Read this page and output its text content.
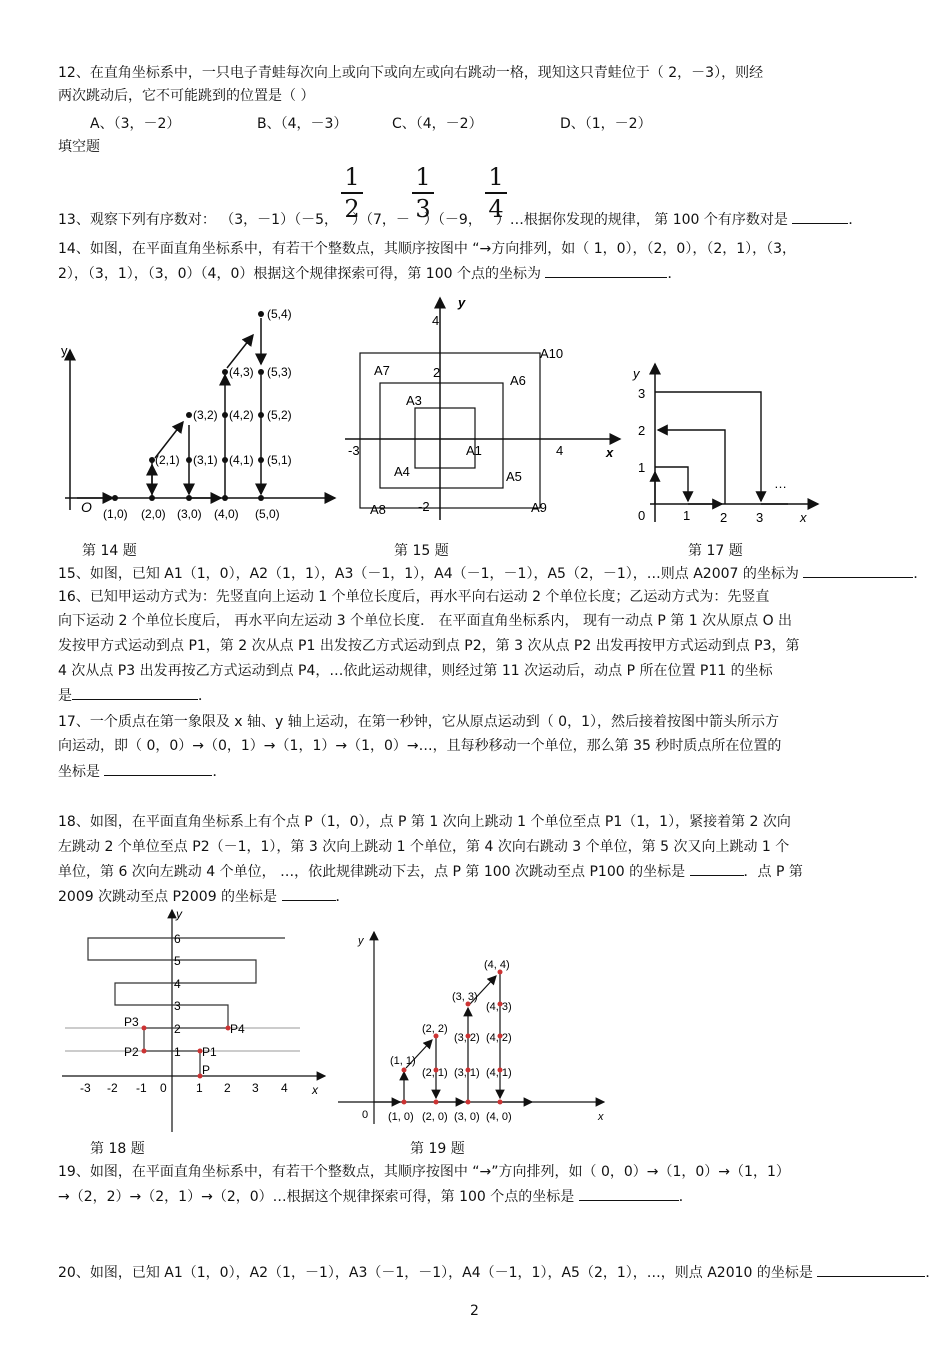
12、在直角坐标系中，一只电子青蛙每次向上或向下或向左或向右跳动一格，现知这只青蛙位于（ 2，－3），则经
两次跳动后，它不可能跳到的位置是（ ）
A、（3，－2）	B、（4，－3）	C、（4，－2）	D、（1，－2）
填空题
1
2
1
3
1
4
13、观察下列有序数对： （3，－1）（－5， ）（7，－ ）（－9， ）…根据你发现的规律， 第 100 个有序数对是	．
14、如图，在平面直角坐标系中，有若干个整数点，其顺序按图中 “→方向排列，如（ 1，0），（2，0），（2，1），（3，
2），（3，1），（3，0）（4，0）根据这个规律探索可得，第 100 个点的坐标为	．
y
O (1,0) (2,0) (3,0) (4,0) (5,0)
(2,1) (3,1) (4,1) (5,1)
(3,2) (4,2) (5,2)
(4,3) (5,3)
(5,4)
y
x
4
2
-3	4
-2
A1
A3
A4	A5
A6
A7
A8	A9
A10
y
x
0	1 2 3
1
2
3
…
第 14 题	第 15 题	第 17 题
15、如图，已知 A1（1，0），A2（1，1），A3（－1，1），A4（－1，－1），A5（2，－1），…则点 A2007 的坐标为	．
16、已知甲运动方式为：先竖直向上运动 1 个单位长度后，再水平向右运动 2 个单位长度；乙运动方式为：先竖直
向下运动 2 个单位长度后， 再水平向左运动 3 个单位长度． 在平面直角坐标系内， 现有一动点 P 第 1 次从原点 O 出
发按甲方式运动到点 P1，第 2 次从点 P1 出发按乙方式运动到点 P2，第 3 次从点 P2 出发再按甲方式运动到点 P3，第
4 次从点 P3 出发再按乙方式运动到点 P4，…依此运动规律，则经过第 11 次运动后，动点 P 所在位置 P11 的坐标
是	．
17、一个质点在第一象限及 x 轴、y 轴上运动，在第一秒钟，它从原点运动到（ 0，1），然后接着按图中箭头所示方
向运动，即（ 0，0）→（0，1）→（1，1）→（1，0）→…，且每秒移动一个单位，那么第 35 秒时质点所在位置的
坐标是	．
18、如图，在平面直角坐标系上有个点 P（1，0），点 P 第 1 次向上跳动 1 个单位至点 P1（1，1），紧接着第 2 次向
左跳动 2 个单位至点 P2（－1，1），第 3 次向上跳动 1 个单位，第 4 次向右跳动 3 个单位，第 5 次又向上跳动 1 个
单位，第 6 次向左跳动 4 个单位， …，依此规律跳动下去，点 P 第 100 次跳动至点 P100 的坐标是	．点 P 第
2009 次跳动至点 P2009 的坐标是	．
y
x
6
5
4
3
2
1
-3 -2 -1 0 1 2 3 4
P
P1
P2
P3	P4
y
x
0 (1, 0) (2, 0) (3, 0) (4, 0)
(1, 1)
(2, 1)
(2, 2)
(3, 1)
(3, 2)
(3, 3)
(4, 1)
(4, 2)
(4, 3)
(4, 4)
第 18 题	第 19 题
19、如图，在平面直角坐标系中，有若干个整数点，其顺序按图中 “→”方向排列，如（ 0，0）→（1，0）→（1，1）
→（2，2）→（2，1）→（2，0）…根据这个规律探索可得，第 100 个点的坐标是	．
20、如图，已知 A1（1，0），A2（1，－1），A3（－1，－1），A4（－1，1），A5（2，1），…，则点 A2010 的坐标是	．
2
